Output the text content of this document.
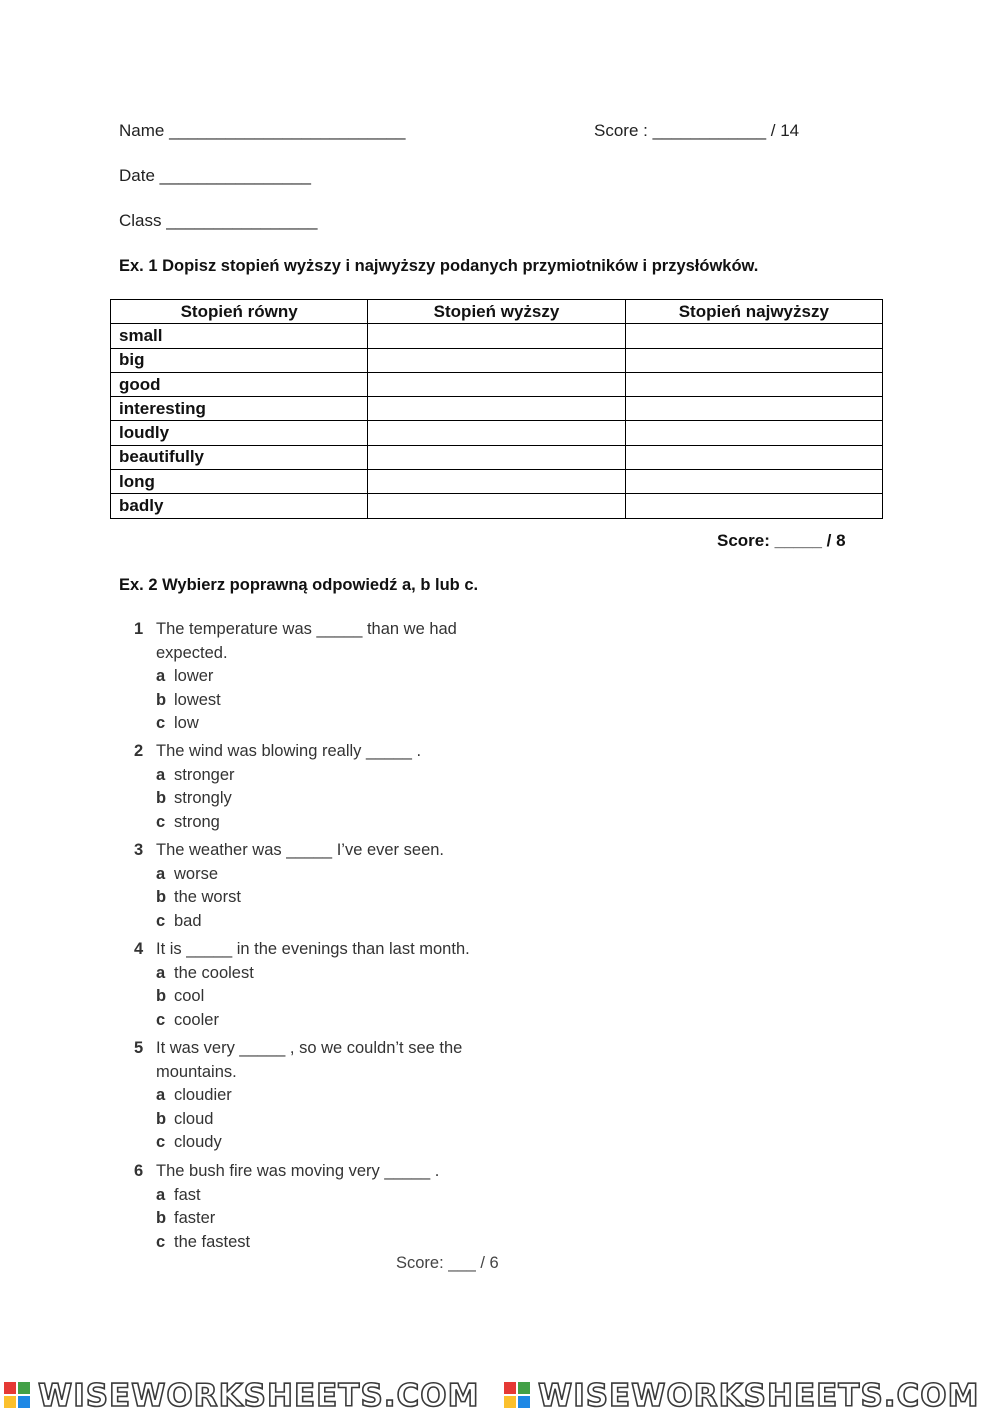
Name _________________________	Score : ____________ / 14
Date ________________
Class ________________
Ex. 1 Dopisz stopień wyższy i najwyższy podanych przymiotników i przysłówków.
Stopień równy	Stopień wyższy	Stopień najwyższy
small		
big		
good		
interesting		
loudly		
beautifully		
long		
badly		
Score: _____ / 8
Ex. 2 Wybierz poprawną odpowiedź a, b lub c.
1 The temperature was _____ than we had expected.
a lower
b lowest
c low
2 The wind was blowing really _____ .
a stronger
b strongly
c strong
3 The weather was _____ I’ve ever seen.
a worse
b the worst
c bad
4 It is _____ in the evenings than last month.
a the coolest
b cool
c cooler
5 It was very _____ , so we couldn’t see the mountains.
a cloudier
b cloud
c cloudy
6 The bush fire was moving very _____ .
a fast
b faster
c the fastest
Score: ___ / 6
WISEWORKSHEETS.COM WISEWORKSHEETS.COM
